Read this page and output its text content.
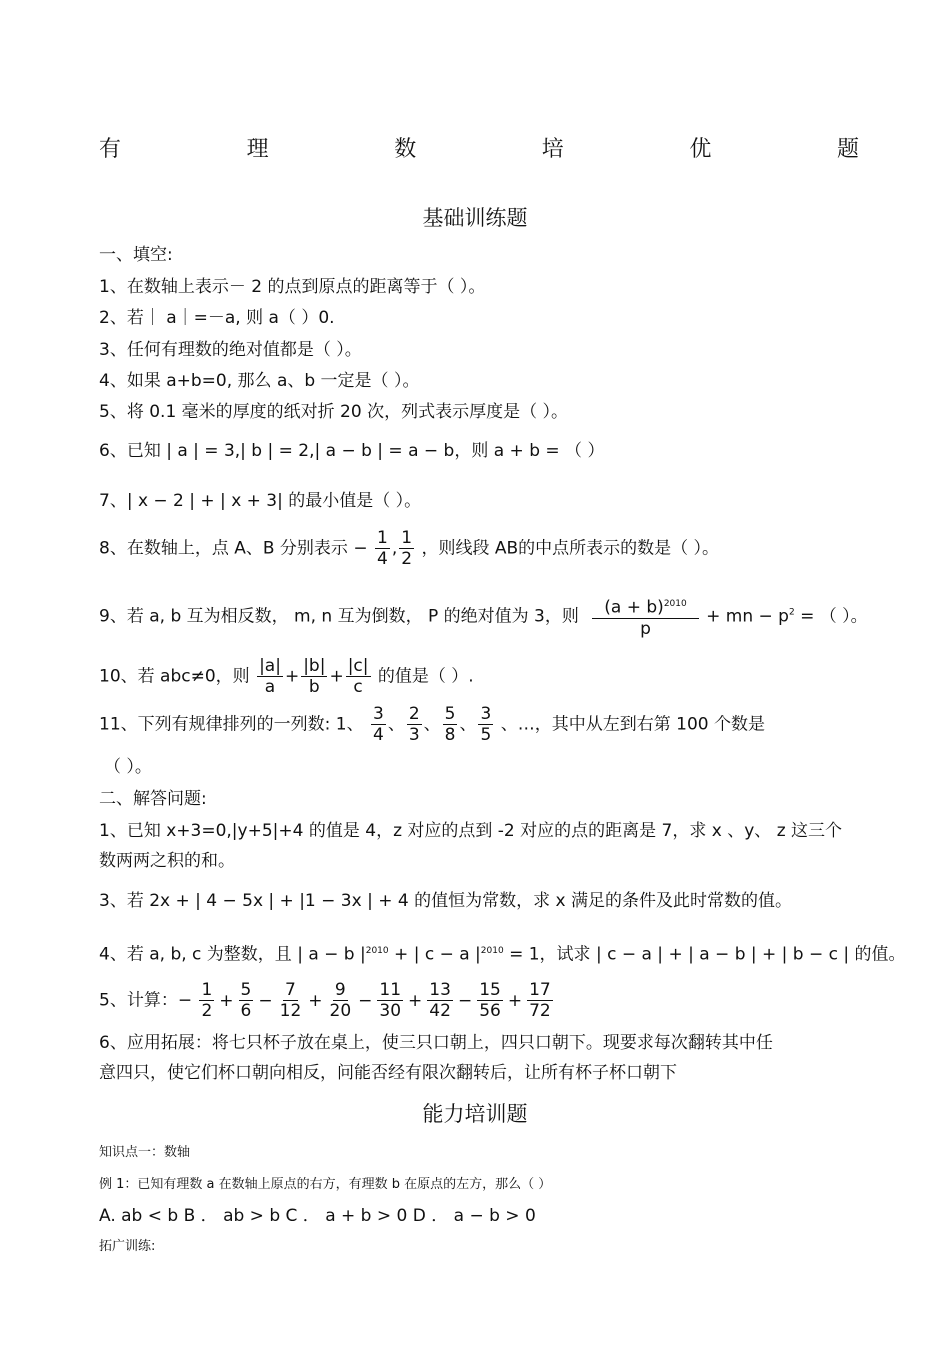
有	理	数	培	优	题
基础训练题
一、填空:
1、在数轴上表示－ 2 的点到原点的距离等于（ ）。
2、若｜ a｜=－a, 则 a（ ）0.
3、任何有理数的绝对值都是（ ）。
4、如果 a+b=0, 那么 a、b 一定是（ ）。
5、将 0.1 毫米的厚度的纸对折 20 次，列式表示厚度是（ ）。
6、已知 | a | = 3,| b | = 2,| a − b | = a − b，则 a + b = （ ）
7、| x − 2 | + | x + 3| 的最小值是（ ）。
8、在数轴上，点 A、B 分别表示 − $\frac{1}{4}$ , $\frac{1}{2}$ ，则线段 AB的中点所表示的数是（ ）。
9、若 a, b 互为相反数， m, n 互为倒数， P 的绝对值为 3，则 $\frac{(a + b)^{2010}}{p}$ + mn − $p^2$ = （ ）。
10、若 abc≠0，则 $\frac{|a|}{a} + \frac{|b|}{b} + \frac{|c|}{c}$ 的值是（ ）.
11、下列有规律排列的一列数: 1、 $\frac{3}{4}$ 、 $\frac{2}{3}$ 、 $\frac{5}{8}$ 、 $\frac{3}{5}$ 、…，其中从左到右第 100 个数是
（ ）。
二、解答问题:
1、已知 x+3=0,|y+5|+4 的值是 4，z 对应的点到 -2 对应的点的距离是 7，求 x 、y、 z 这三个
数两两之积的和。
3、若 2x + | 4 − 5x | + |1 − 3x | + 4 的值恒为常数，求 x 满足的条件及此时常数的值。
4、若 a, b, c 为整数，且 | a − b $|^{2010}$ + | c − a $|^{2010} = 1$，试求 | c − a | + | a − b | + | b − c | 的值。
5、计算：− $\frac{1}{2} + \frac{5}{6} - \frac{7}{12} + \frac{9}{20} - \frac{11}{30} + \frac{13}{42} - \frac{15}{56} + \frac{17}{72}$
6、应用拓展：将七只杯子放在桌上，使三只口朝上，四只口朝下。现要求每次翻转其中任
意四只，使它们杯口朝向相反，问能否经有限次翻转后，让所有杯子杯口朝下
能力培训题
知识点一：数轴
例 1：已知有理数 a 在数轴上原点的右方，有理数 b 在原点的左方，那么（ ）
A. ab < b B ． ab > b C ． a + b > 0 D ． a − b > 0
拓广训练:
